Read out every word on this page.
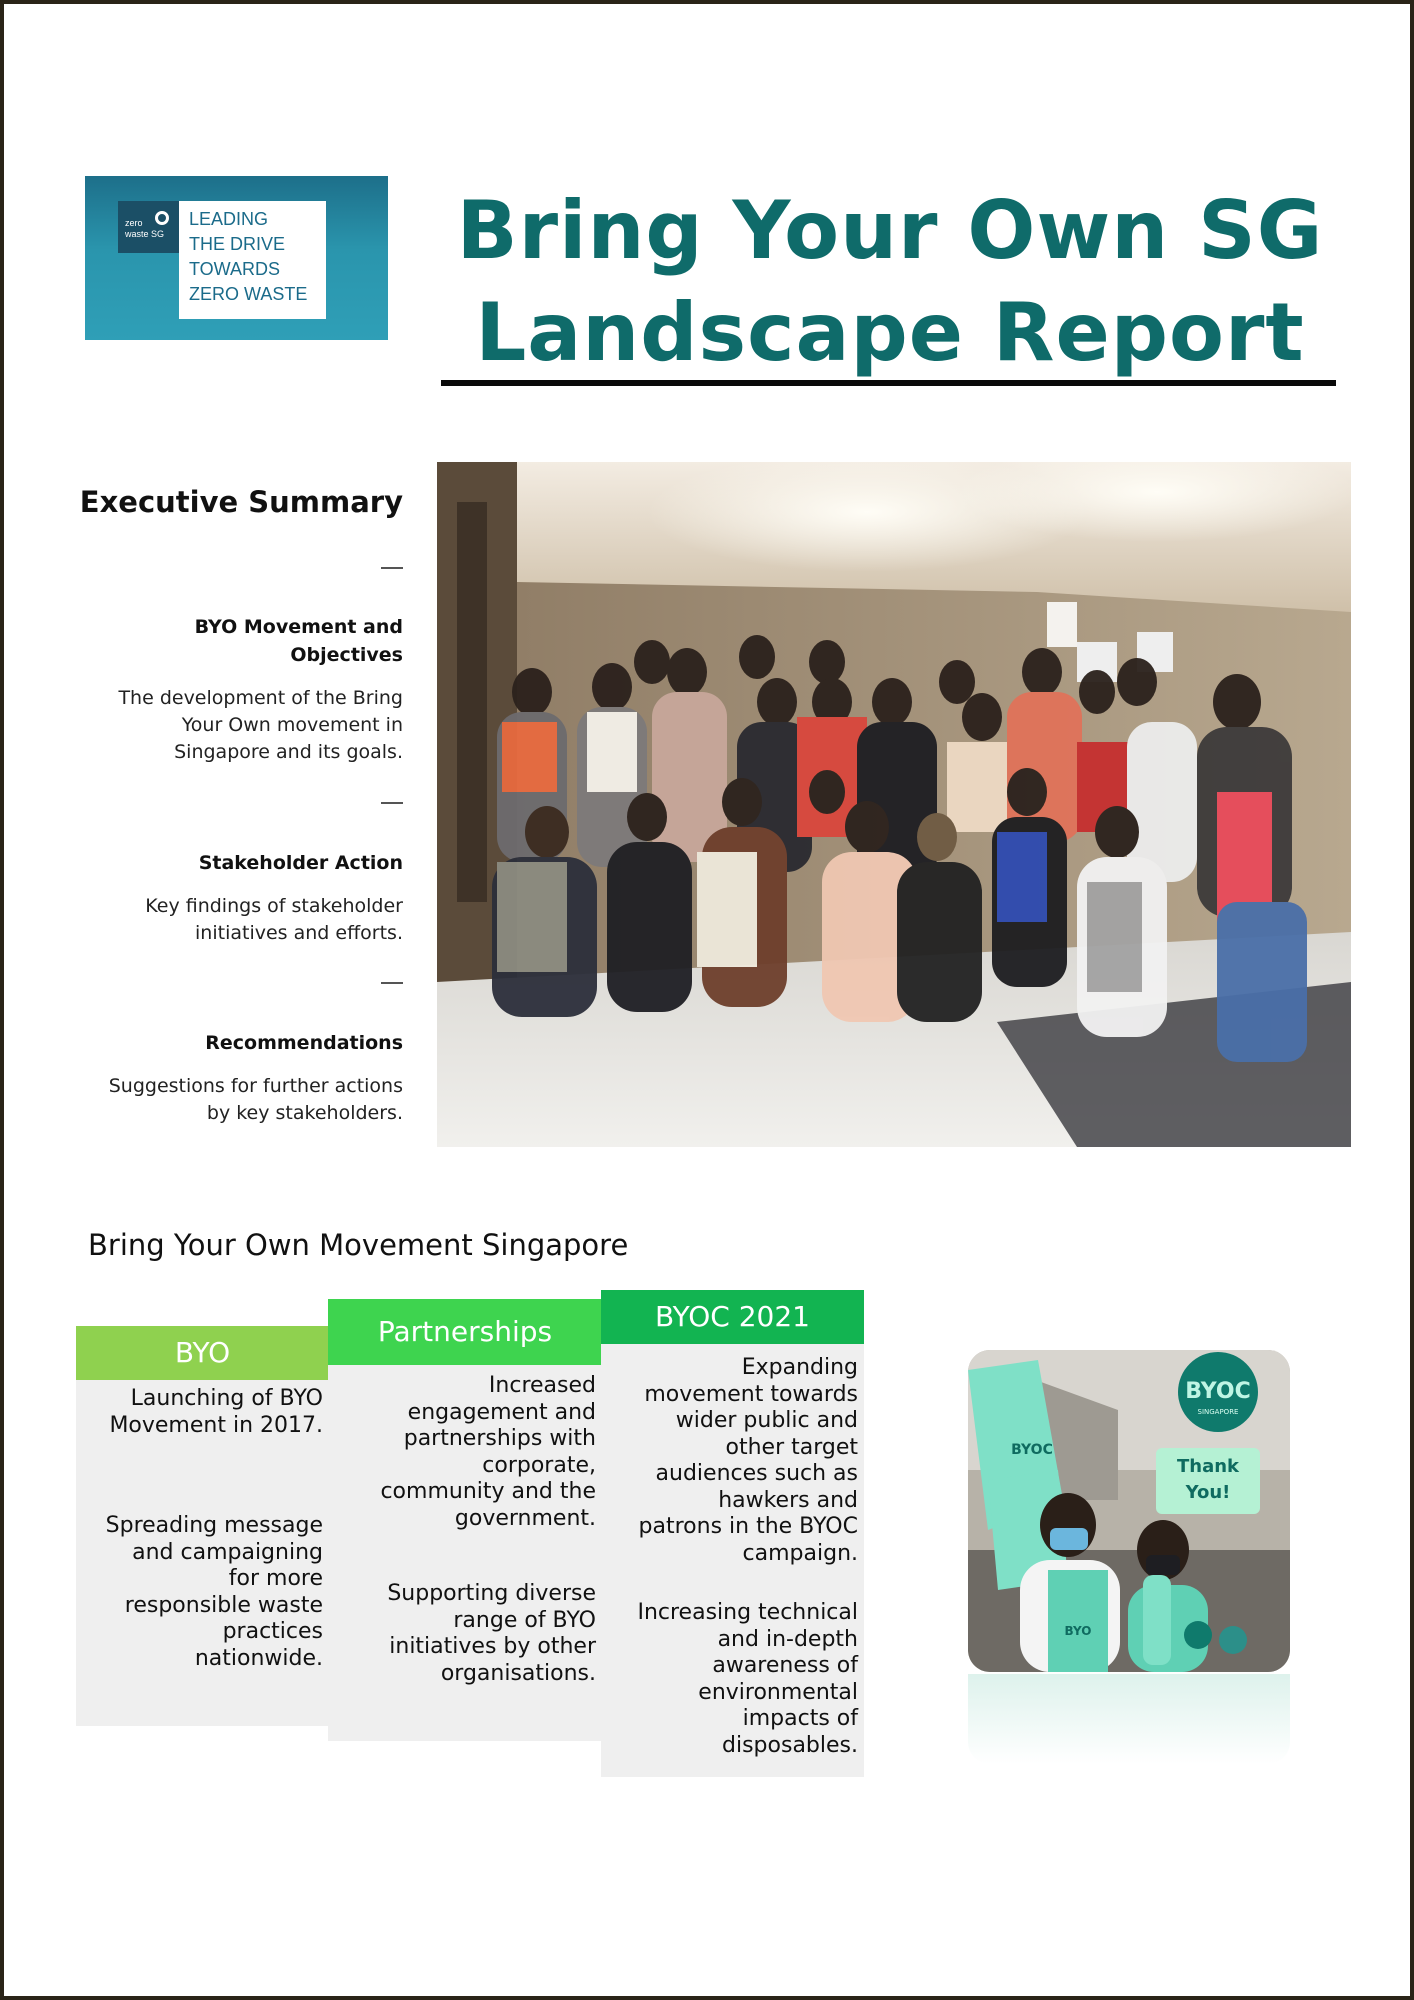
zero
waste SG
LEADING
THE DRIVE
TOWARDS
ZERO WASTE
Bring Your Own SG
Landscape Report
Executive Summary
BYO Movement and Objectives
The development of the Bring Your Own movement in Singapore and its goals.
Stakeholder Action
Key findings of stakeholder initiatives and efforts.
Recommendations
Suggestions for further actions by key stakeholders.
Bring Your Own Movement Singapore
BYO
Launching of BYO Movement in 2017.
Spreading message and campaigning for more responsible waste practices nationwide.
Partnerships
Increased engagement and partnerships with corporate, community and the government.
Supporting diverse range of BYO initiatives by other organisations.
BYOC 2021
Expanding movement towards wider public and other target audiences such as hawkers and patrons in the BYOC campaign.
Increasing technical and in-depth awareness of environmental impacts of disposables.
BYOC
SINGAPORE
BYOC
Thank You!
BYO
